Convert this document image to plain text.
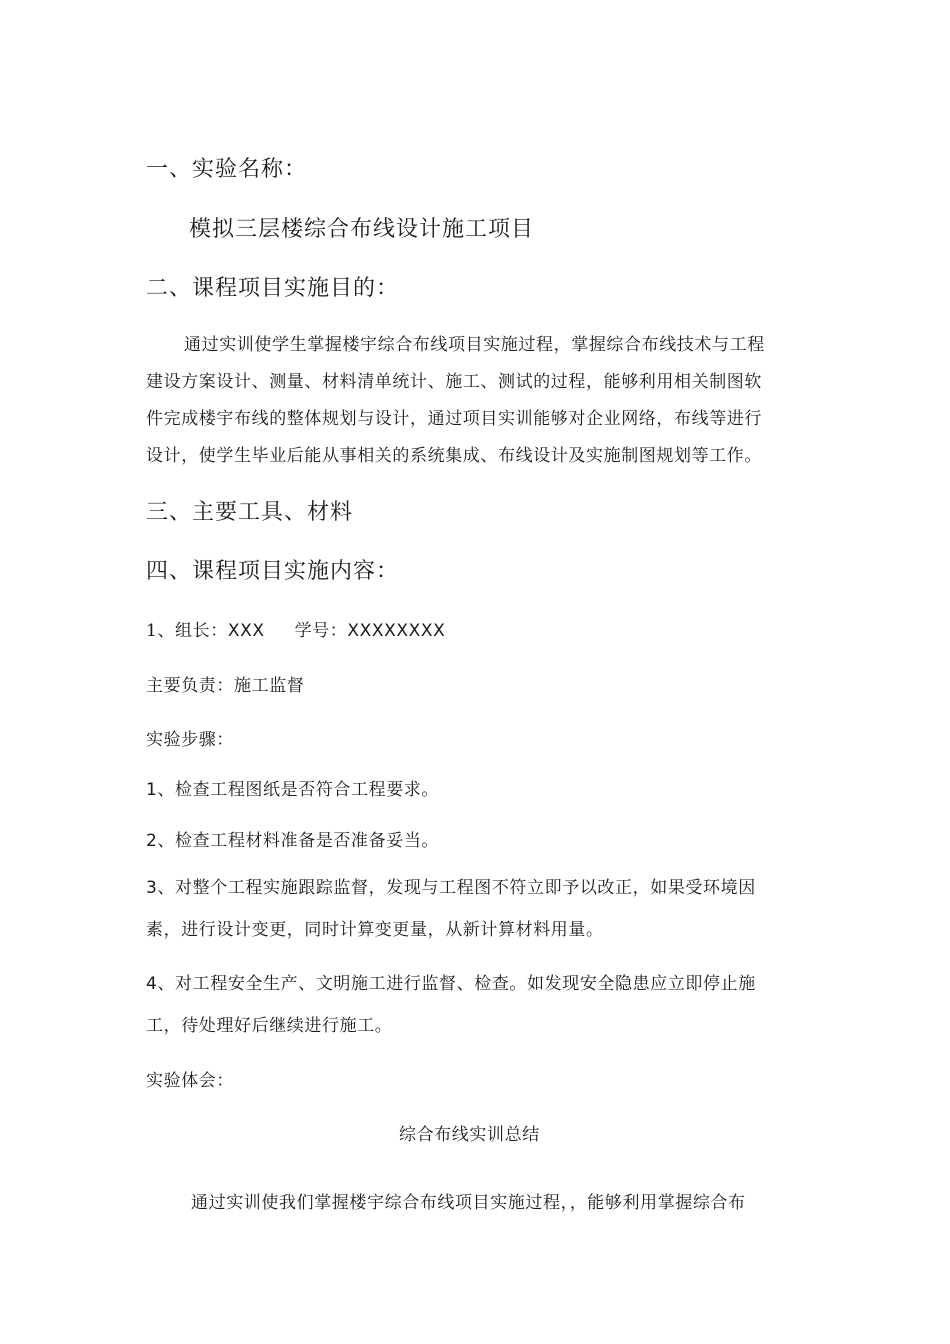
一、实验名称：
模拟三层楼综合布线设计施工项目
二、课程项目实施目的：
通过实训使学生掌握楼宇综合布线项目实施过程，掌握综合布线技术与工程
建设方案设计、测量、材料清单统计、施工、测试的过程，能够利用相关制图软
件完成楼宇布线的整体规划与设计，通过项目实训能够对企业网络，布线等进行
设计，使学生毕业后能从事相关的系统集成、布线设计及实施制图规划等工作。
三、主要工具、材料
四、课程项目实施内容：
1、组长：XXX 学号：XXXXXXXX
主要负责：施工监督
实验步骤：
1、检查工程图纸是否符合工程要求。
2、检查工程材料准备是否准备妥当。
3、对整个工程实施跟踪监督，发现与工程图不符立即予以改正，如果受环境因
素，进行设计变更，同时计算变更量，从新计算材料用量。
4、对工程安全生产、文明施工进行监督、检查。如发现安全隐患应立即停止施
工，待处理好后继续进行施工。
实验体会：
综合布线实训总结
通过实训使我们掌握楼宇综合布线项目实施过程，，能够利用掌握综合布
